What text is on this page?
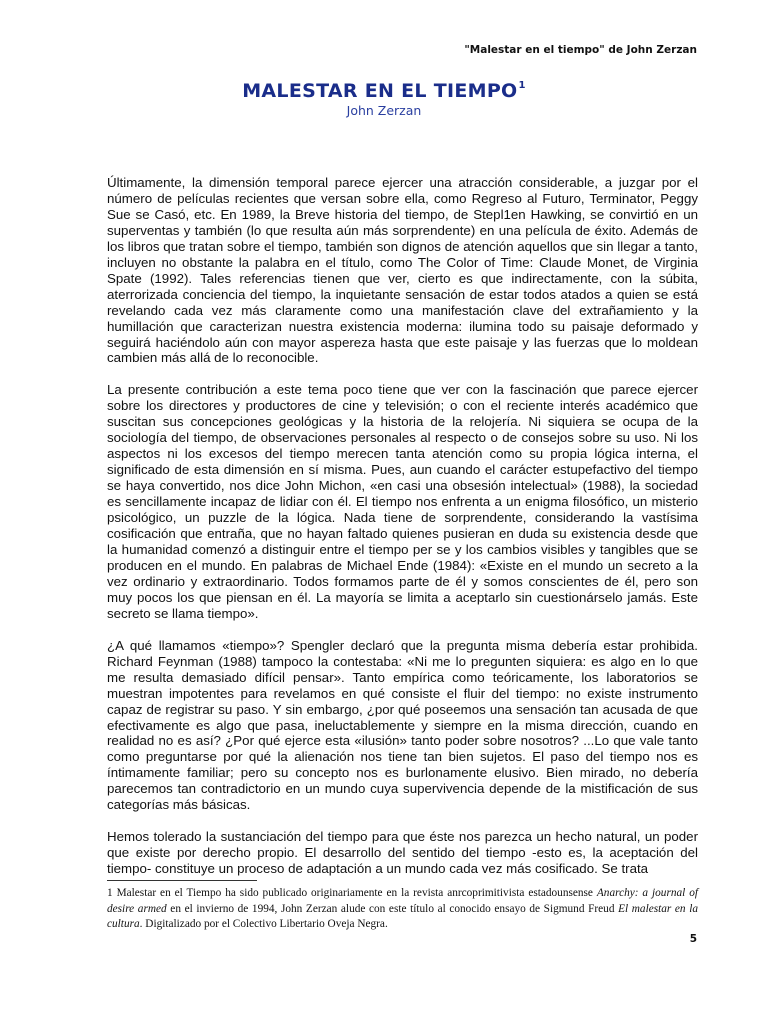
"Malestar en el tiempo" de John Zerzan
MALESTAR EN EL TIEMPO$^1$
John Zerzan

Últimamente, la dimensión temporal parece ejercer una atracción considerable, a juzgar por el número de películas recientes que versan sobre ella, como Regreso al Futuro, Terminator, Peggy Sue se Casó, etc. En 1989, la Breve historia del tiempo, de Stepl1en Hawking, se convirtió en un superventas y también (lo que resulta aún más sorprendente) en una película de éxito. Además de los libros que tratan sobre el tiempo, también son dignos de atención aquellos que sin llegar a tanto, incluyen no obstante la palabra en el título, como The Color of Time: Claude Monet, de Virginia Spate (1992). Tales referencias tienen que ver, cierto es que indirectamente, con la súbita, aterrorizada conciencia del tiempo, la inquietante sensación de estar todos atados a quien se está revelando cada vez más claramente como una manifestación clave del extrañamiento y la humillación que caracterizan nuestra existencia moderna: ilumina todo su paisaje deformado y seguirá haciéndolo aún con mayor aspereza hasta que este paisaje y las fuerzas que lo moldean cambien más allá de lo reconocible.

La presente contribución a este tema poco tiene que ver con la fascinación que parece ejercer sobre los directores y productores de cine y televisión; o con el reciente interés académico que suscitan sus concepciones geológicas y la historia de la relojería. Ni siquiera se ocupa de la sociología del tiempo, de observaciones personales al respecto o de consejos sobre su uso. Ni los aspectos ni los excesos del tiempo merecen tanta atención como su propia lógica interna, el significado de esta dimensión en sí misma. Pues, aun cuando el carácter estupefactivo del tiempo se haya convertido, nos dice John Michon, «en casi una obsesión intelectual» (1988), la sociedad es sencillamente incapaz de lidiar con él. El tiempo nos enfrenta a un enigma filosófico, un misterio psicológico, un puzzle de la lógica. Nada tiene de sorprendente, considerando la vastísima cosificación que entraña, que no hayan faltado quienes pusieran en duda su existencia desde que la humanidad comenzó a distinguir entre el tiempo per se y los cambios visibles y tangibles que se producen en el mundo. En palabras de Michael Ende (1984): «Existe en el mundo un secreto a la vez ordinario y extraordinario. Todos formamos parte de él y somos conscientes de él, pero son muy pocos los que piensan en él. La mayoría se limita a aceptarlo sin cuestionárselo jamás. Este secreto se llama tiempo».

¿A qué llamamos «tiempo»? Spengler declaró que la pregunta misma debería estar prohibida. Richard Feynman (1988) tampoco la contestaba: «Ni me lo pregunten siquiera: es algo en lo que me resulta demasiado difícil pensar». Tanto empírica como teóricamente, los laboratorios se muestran impotentes para revelamos en qué consiste el fluir del tiempo: no existe instrumento capaz de registrar su paso. Y sin embargo, ¿por qué poseemos una sensación tan acusada de que efectivamente es algo que pasa, ineluctablemente y siempre en la misma dirección, cuando en realidad no es así? ¿Por qué ejerce esta «ilusión» tanto poder sobre nosotros? ...Lo que vale tanto como preguntarse por qué la alienación nos tiene tan bien sujetos. El paso del tiempo nos es íntimamente familiar; pero su concepto nos es burlonamente elusivo. Bien mirado, no debería parecemos tan contradictorio en un mundo cuya supervivencia depende de la mistificación de sus categorías más básicas.

Hemos tolerado la sustanciación del tiempo para que éste nos parezca un hecho natural, un poder que existe por derecho propio. El desarrollo del sentido del tiempo -esto es, la aceptación del tiempo- constituye un proceso de adaptación a un mundo cada vez más cosificado. Se trata

1 Malestar en el Tiempo ha sido publicado originariamente en la revista anrcoprimitivista estadounsense Anarchy: a journal of desire armed en el invierno de 1994, John Zerzan alude con este título al conocido ensayo de Sigmund Freud El malestar en la cultura. Digitalizado por el Colectivo Libertario Oveja Negra.
5
